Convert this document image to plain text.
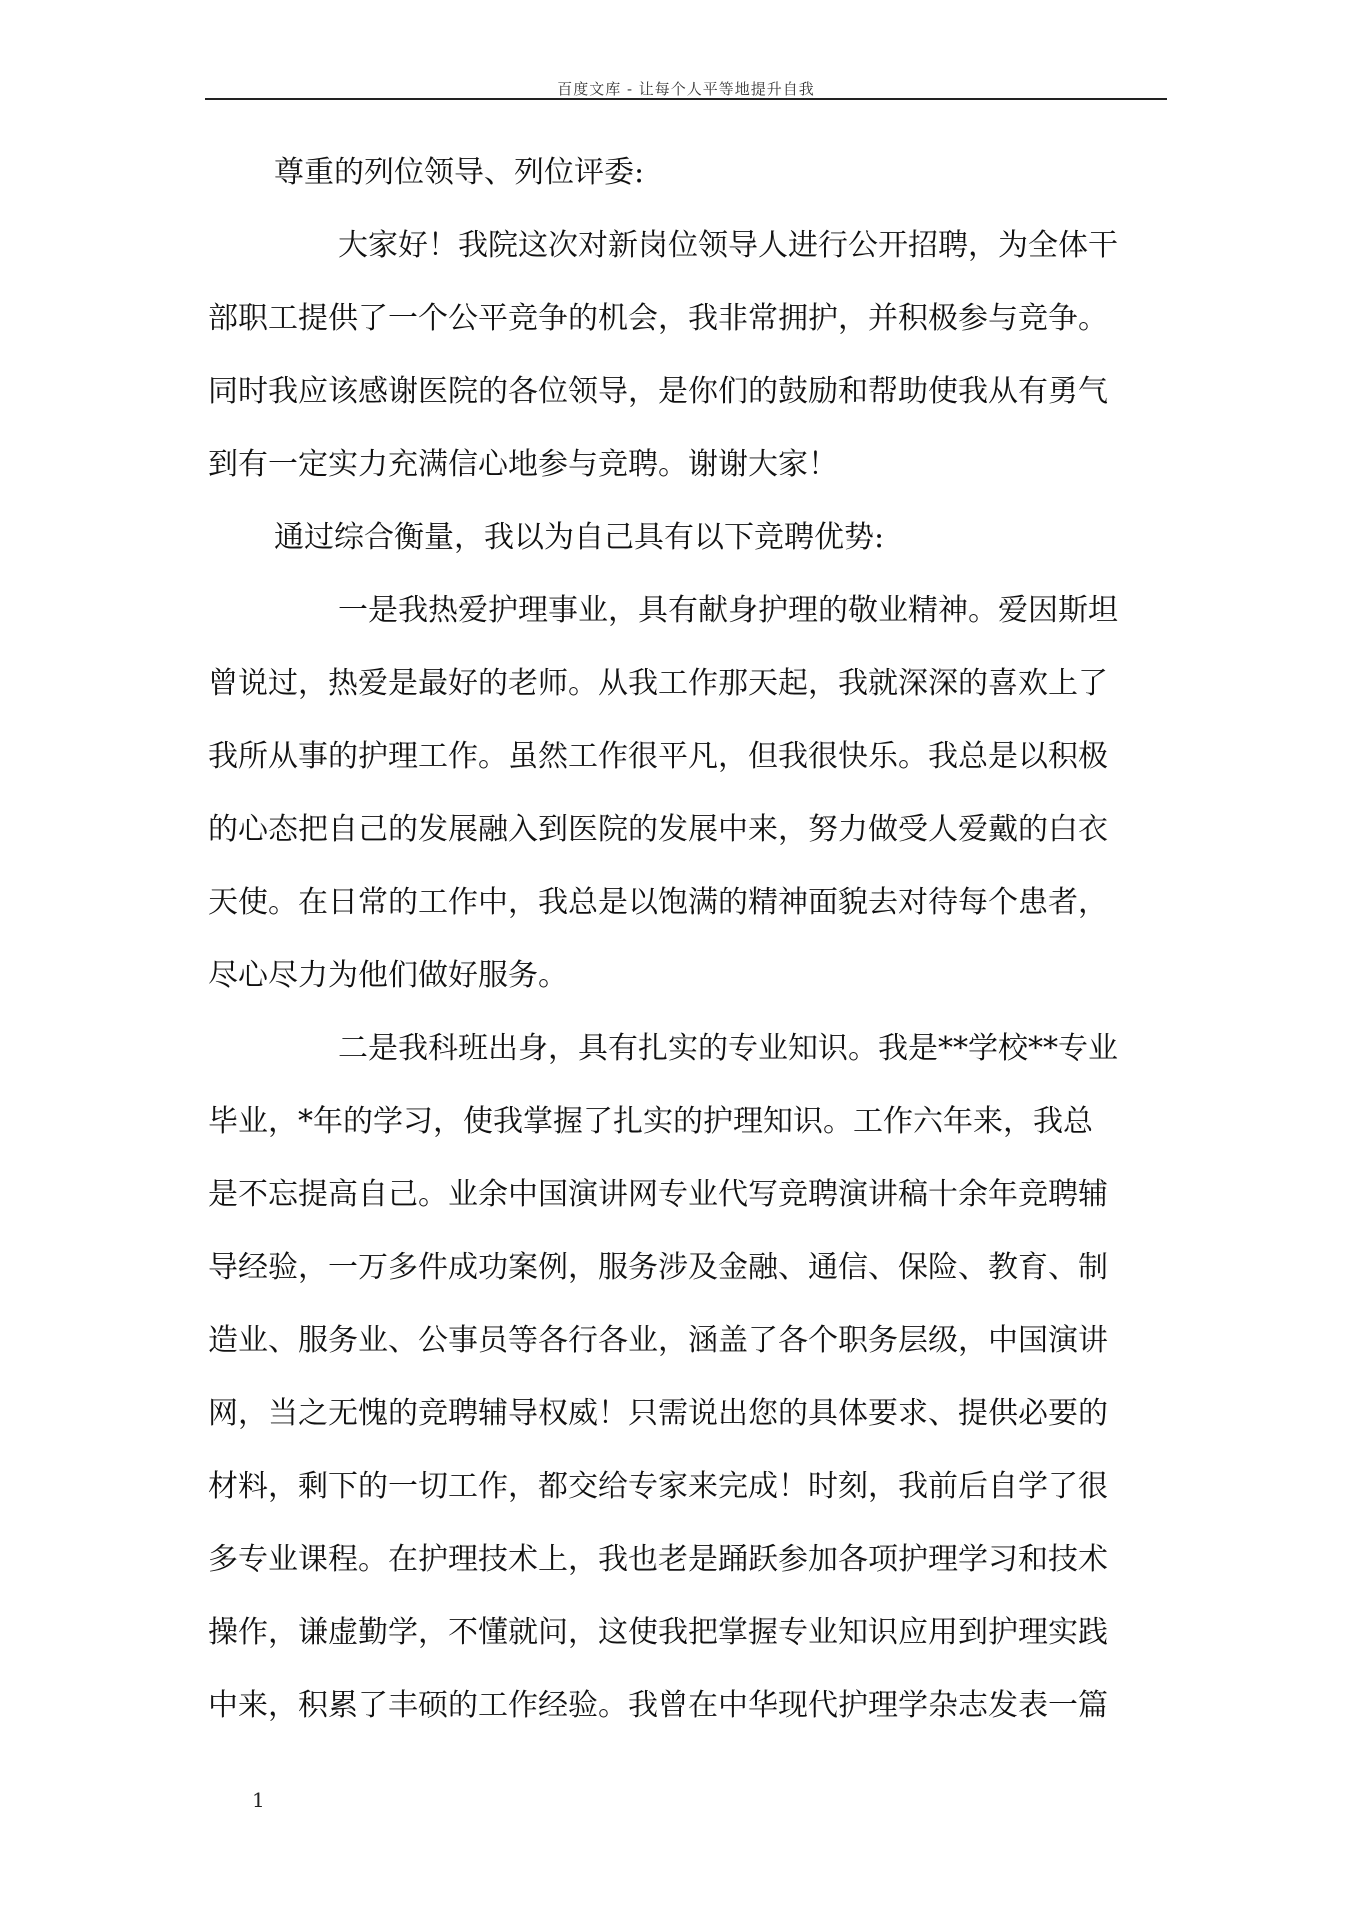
百度文库 - 让每个人平等地提升自我
尊重的列位领导、列位评委:
大家好！我院这次对新岗位领导人进行公开招聘，为全体干
部职工提供了一个公平竞争的机会，我非常拥护，并积极参与竞争。
同时我应该感谢医院的各位领导，是你们的鼓励和帮助使我从有勇气
到有一定实力充满信心地参与竞聘。谢谢大家！
通过综合衡量，我以为自己具有以下竞聘优势:
一是我热爱护理事业，具有献身护理的敬业精神。爱因斯坦
曾说过，热爱是最好的老师。从我工作那天起，我就深深的喜欢上了
我所从事的护理工作。虽然工作很平凡，但我很快乐。我总是以积极
的心态把自己的发展融入到医院的发展中来，努力做受人爱戴的白衣
天使。在日常的工作中，我总是以饱满的精神面貌去对待每个患者，
尽心尽力为他们做好服务。
二是我科班出身，具有扎实的专业知识。我是**学校**专业
毕业，*年的学习，使我掌握了扎实的护理知识。工作六年来，我总
是不忘提高自己。业余中国演讲网专业代写竞聘演讲稿十余年竞聘辅
导经验，一万多件成功案例，服务涉及金融、通信、保险、教育、制
造业、服务业、公事员等各行各业，涵盖了各个职务层级，中国演讲
网，当之无愧的竞聘辅导权威！只需说出您的具体要求、提供必要的
材料，剩下的一切工作，都交给专家来完成！时刻，我前后自学了很
多专业课程。在护理技术上，我也老是踊跃参加各项护理学习和技术
操作，谦虚勤学，不懂就问，这使我把掌握专业知识应用到护理实践
中来，积累了丰硕的工作经验。我曾在中华现代护理学杂志发表一篇
1
